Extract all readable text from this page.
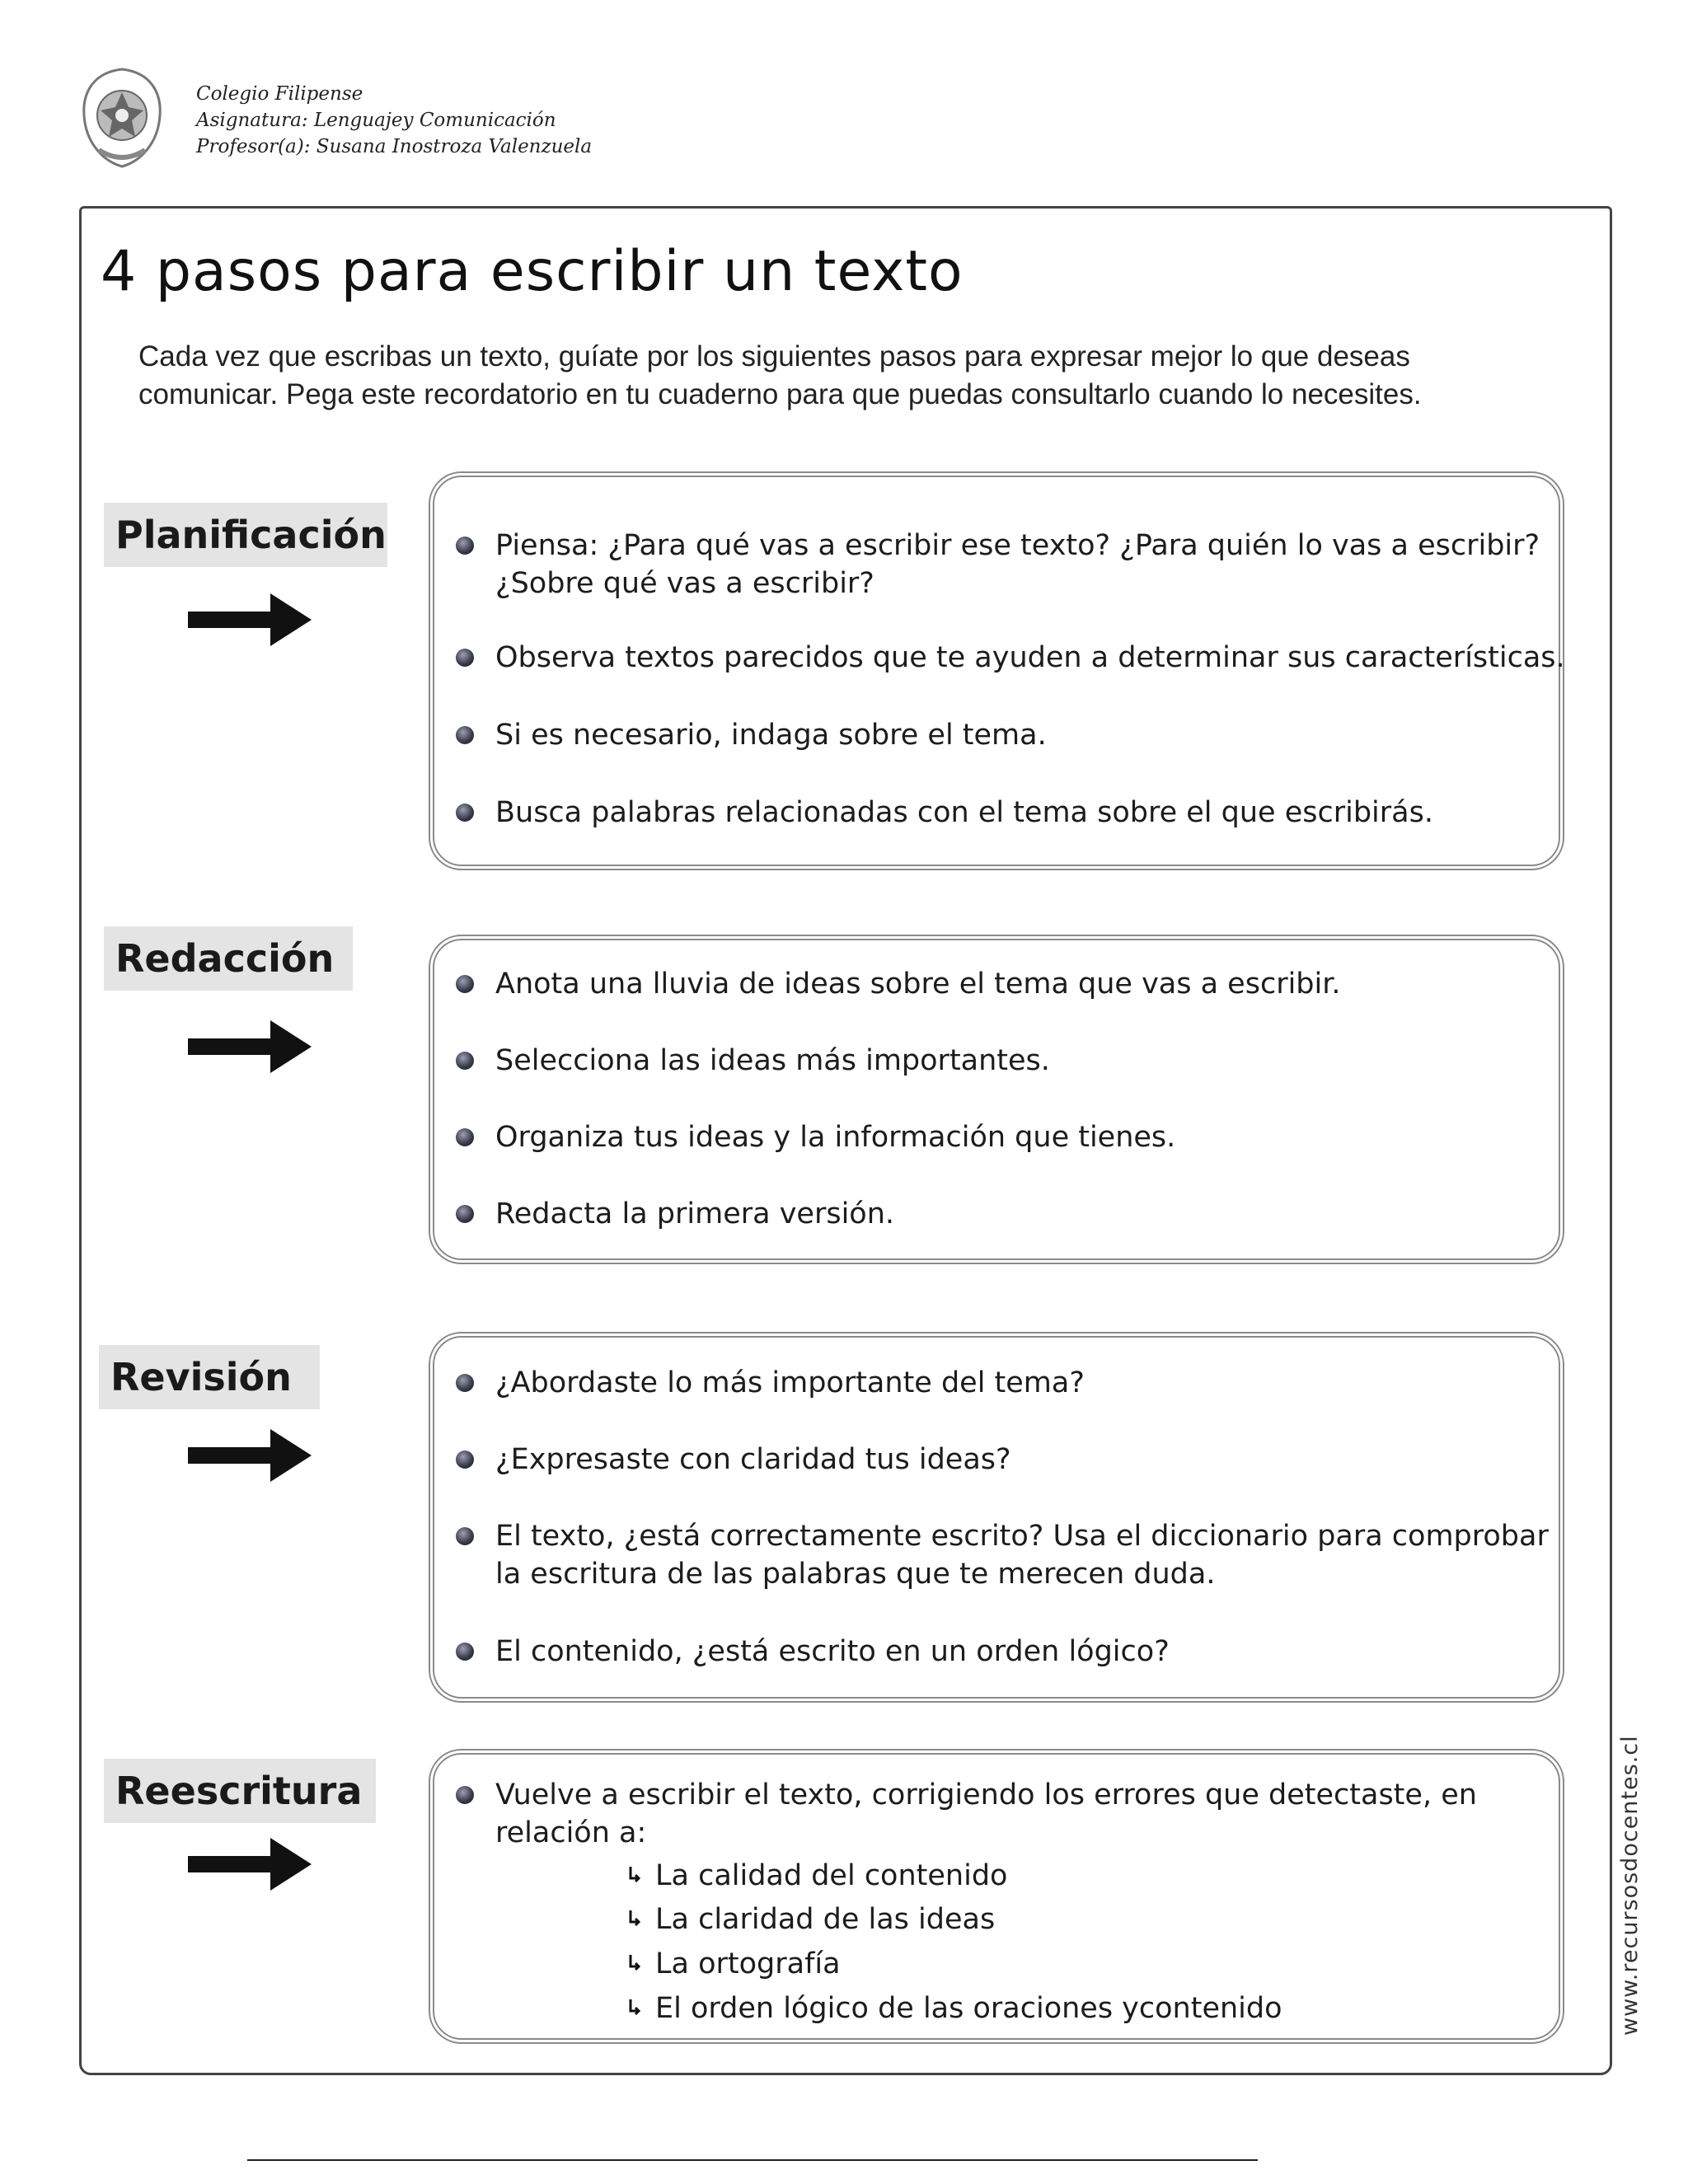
Colegio Filipense
Asignatura: Lenguajey Comunicación
Profesor(a): Susana Inostroza Valenzuela
4 pasos para escribir un texto
Cada vez que escribas un texto, guíate por los siguientes pasos para expresar mejor lo que deseas
comunicar. Pega este recordatorio en tu cuaderno para que puedas consultarlo cuando lo necesites.
Planificación	Piensa: ¿Para qué vas a escribir ese texto? ¿Para quién lo vas a escribir?
¿Sobre qué vas a escribir?
Observa textos parecidos que te ayuden a determinar sus características.
Si es necesario, indaga sobre el tema.
Busca palabras relacionadas con el tema sobre el que escribirás.
Redacción
Anota una lluvia de ideas sobre el tema que vas a escribir.
Selecciona las ideas más importantes.
Organiza tus ideas y la información que tienes.
Redacta la primera versión.
Revisión	¿Abordaste lo más importante del tema?
¿Expresaste con claridad tus ideas?
El texto, ¿está correctamente escrito? Usa el diccionario para comprobar
la escritura de las palabras que te merecen duda.
El contenido, ¿está escrito en un orden lógico?
Reescritura	Vuelve a escribir el texto, corrigiendo los errores que detectaste, en
relación a:
La calidad del contenido
La claridad de las ideas
La ortografía
El orden lógico de las oraciones ycontenido	www.recursosdocentes.cl
